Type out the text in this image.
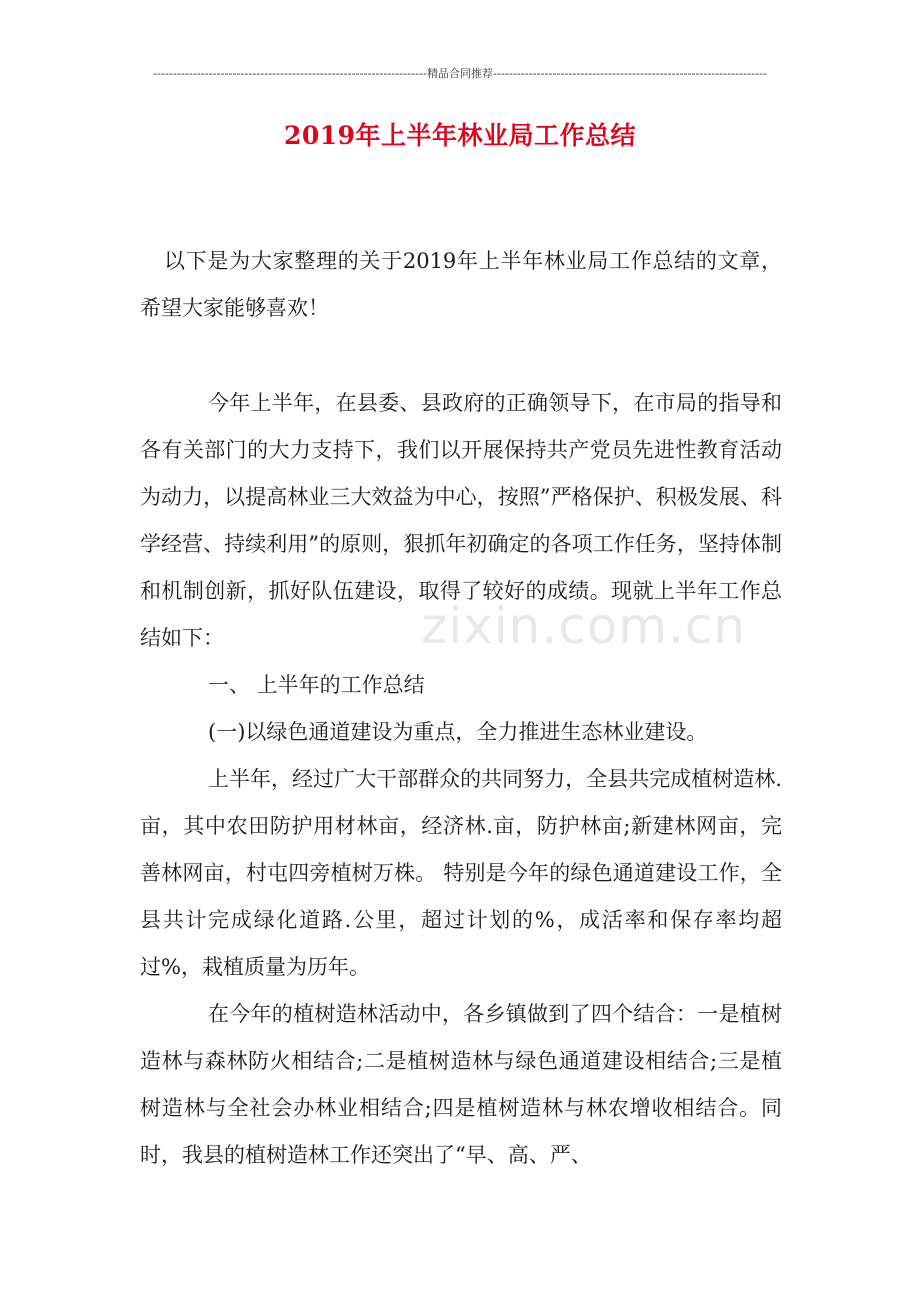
---------------------------------------------------------------------精品合同推荐---------------------------------------------------------------------
2019年上半年林业局工作总结
以下是为大家整理的关于2019年上半年林业局工作总结的文章，希望大家能够喜欢！

今年上半年，在县委、县政府的正确领导下，在市局的指导和各有关部门的大力支持下，我们以开展保持共产党员先进性教育活动为动力，以提高林业三大效益为中心，按照”严格保护、积极发展、科学经营、持续利用”的原则，狠抓年初确定的各项工作任务，坚持体制和机制创新，抓好队伍建设，取得了较好的成绩。现就上半年工作总结如下：

一、 上半年的工作总结

(一)以绿色通道建设为重点，全力推进生态林业建设。

上半年，经过广大干部群众的共同努力，全县共完成植树造林.亩，其中农田防护用材林亩，经济林.亩，防护林亩;新建林网亩，完善林网亩，村屯四旁植树万株。 特别是今年的绿色通道建设工作，全县共计完成绿化道路.公里，超过计划的%，成活率和保存率均超过%，栽植质量为历年。

在今年的植树造林活动中，各乡镇做到了四个结合：一是植树造林与森林防火相结合;二是植树造林与绿色通道建设相结合;三是植树造林与全社会办林业相结合;四是植树造林与林农增收相结合。同时，我县的植树造林工作还突出了“早、高、严、

zixin.com.cn
